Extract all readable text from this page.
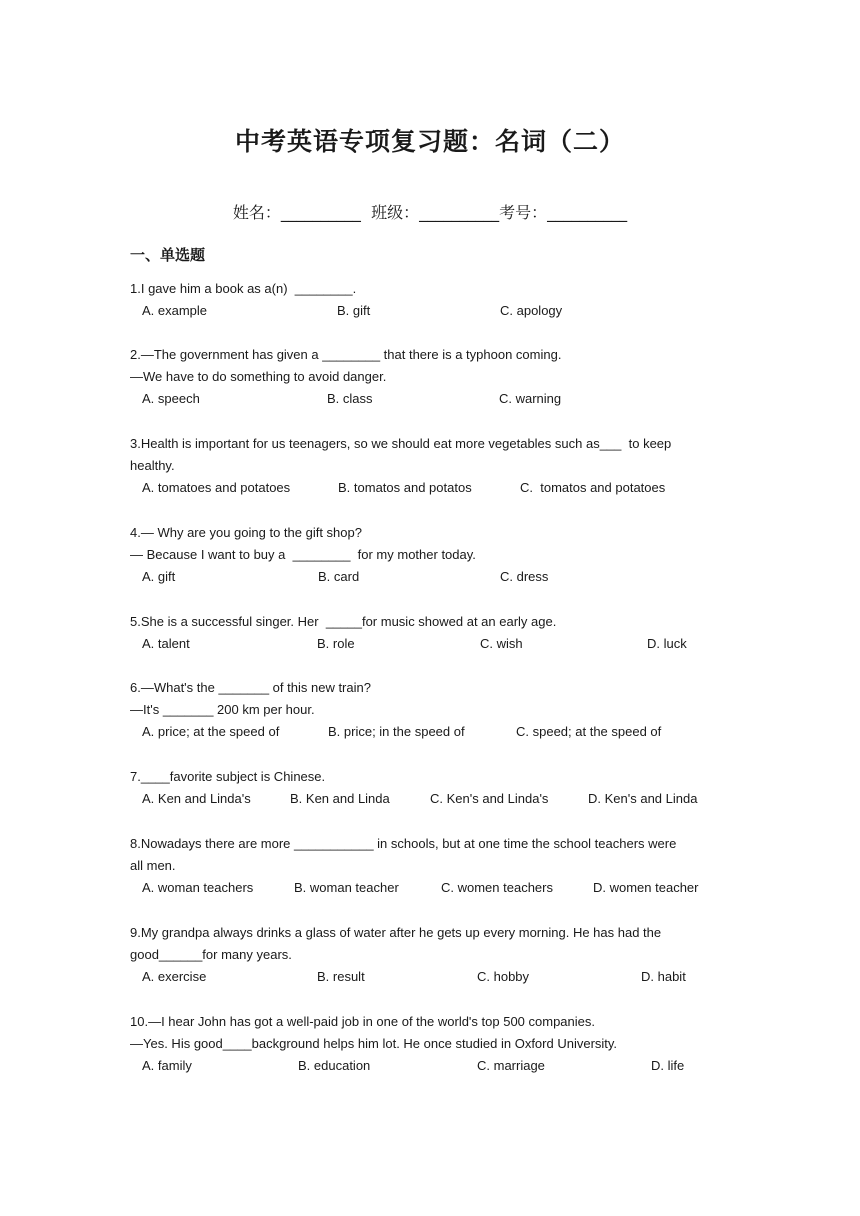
中考英语专项复习题：名词（二）
姓名：__________  班级：__________考号：__________
一、单选题
1.I gave him a book as a(n)  ________.
A. example	B. gift	C. apology
2.—The government has given a ________ that there is a typhoon coming.
—We have to do something to avoid danger.
A. speech	B. class	C. warning
3.Health is important for us teenagers, so we should eat more vegetables such as___  to keep
healthy.
A. tomatoes and potatoes	B. tomatos and potatos	C.  tomatos and potatoes
4.— Why are you going to the gift shop?
— Because I want to buy a  ________  for my mother today.
A. gift	B. card	C. dress
5.She is a successful singer. Her  _____for music showed at an early age.
A. talent	B. role	C. wish	D. luck
6.—What's the _______ of this new train?
—It's _______ 200 km per hour.
A. price; at the speed of	B. price; in the speed of	C. speed; at the speed of
7.____favorite subject is Chinese.
A. Ken and Linda's	B. Ken and Linda	C. Ken's and Linda's	D. Ken's and Linda
8.Nowadays there are more ___________ in schools, but at one time the school teachers were
all men.
A. woman teachers	B. woman teacher	C. women teachers	D. women teacher
9.My grandpa always drinks a glass of water after he gets up every morning. He has had the
good______for many years.
A. exercise	B. result	C. hobby	D. habit
10.—I hear John has got a well-paid job in one of the world's top 500 companies.
—Yes. His good____background helps him lot. He once studied in Oxford University.
A. family	B. education	C. marriage	D. life
